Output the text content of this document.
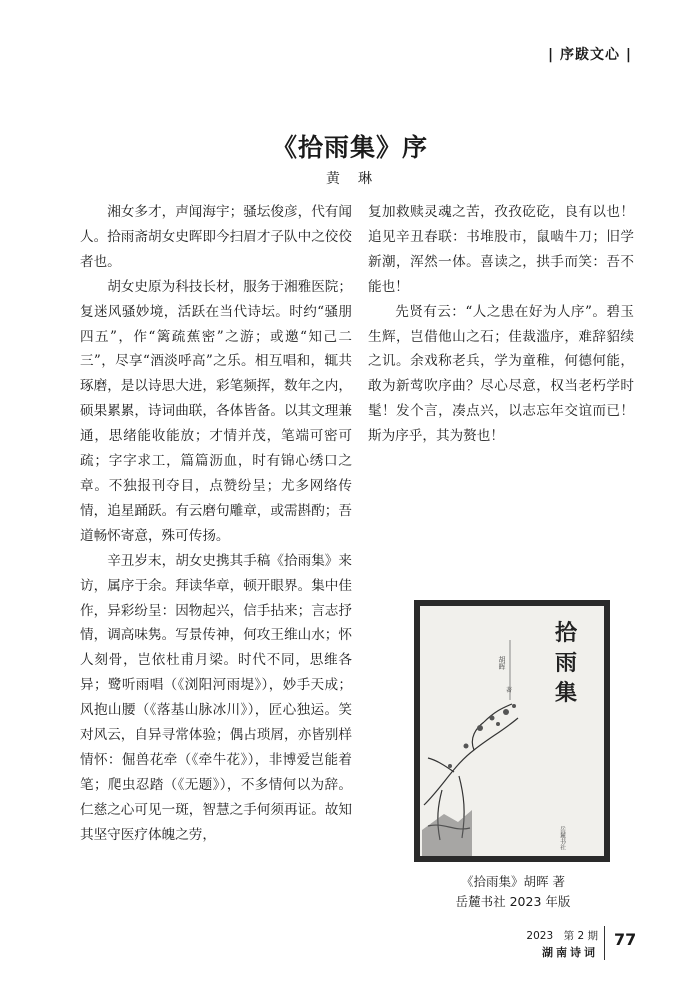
| 序跋文心 |
《拾雨集》序
黄　琳

湘女多才，声闻海宇；骚坛俊彦，代有闻人。拾雨斋胡女史晖即今扫眉才子队中之佼佼者也。

胡女史原为科技长材，服务于湘雅医院；复迷风骚妙境，活跃在当代诗坛。时约“骚朋四五”，作“篱疏蕉密”之游；或邀“知己二三”，尽享“酒淡呼高”之乐。相互唱和，辄共琢磨，是以诗思大进，彩笔频挥，数年之内，硕果累累，诗词曲联，各体皆备。以其文理兼通，思绪能收能放；才情并茂，笔端可密可疏；字字求工，篇篇沥血，时有锦心绣口之章。不独报刊夺目，点赞纷呈；尤多网络传情，追星踊跃。有云磨句雕章，或需斟酌；吾道畅怀寄意，殊可传扬。

辛丑岁末，胡女史携其手稿《拾雨集》来访，属序于余。拜读华章，顿开眼界。集中佳作，异彩纷呈：因物起兴，信手拈来；言志抒情，调高味隽。写景传神，何攻王维山水；怀人刻骨，岂依杜甫月梁。时代不同，思维各异；鹭听雨唱（《浏阳河雨堤》），妙手天成；风抱山腰（《落基山脉冰川》），匠心独运。笑对风云，自异寻常体验；偶占琐屑，亦皆别样情怀：倔兽花牵（《牵牛花》），非博爱岂能着笔；爬虫忍踏（《无题》），不多情何以为辞。仁慈之心可见一斑，智慧之手何须再证。故知其坚守医疗体魄之劳，

复加救赎灵魂之苦，孜孜矻矻，良有以也！追见辛丑春联：书堆股市，鼠啮牛刀；旧学新潮，浑然一体。喜读之，拱手而笑：吾不能也！

先贤有云：“人之患在好为人序”。碧玉生辉，岂借他山之石；佳裁滥序，难辞貂续之讥。余戏称老兵，学为童稚，何德何能，敢为新莺吹序曲？尽心尽意，权当老朽学时髦！发个言，凑点兴，以志忘年交谊而已！斯为序乎，其为赘也！

胡晖
著
岳麓书社
拾
雨
集
《拾雨集》胡晖 著
岳麓书社 2023 年版
2023　第 2 期
湖南诗词
77
